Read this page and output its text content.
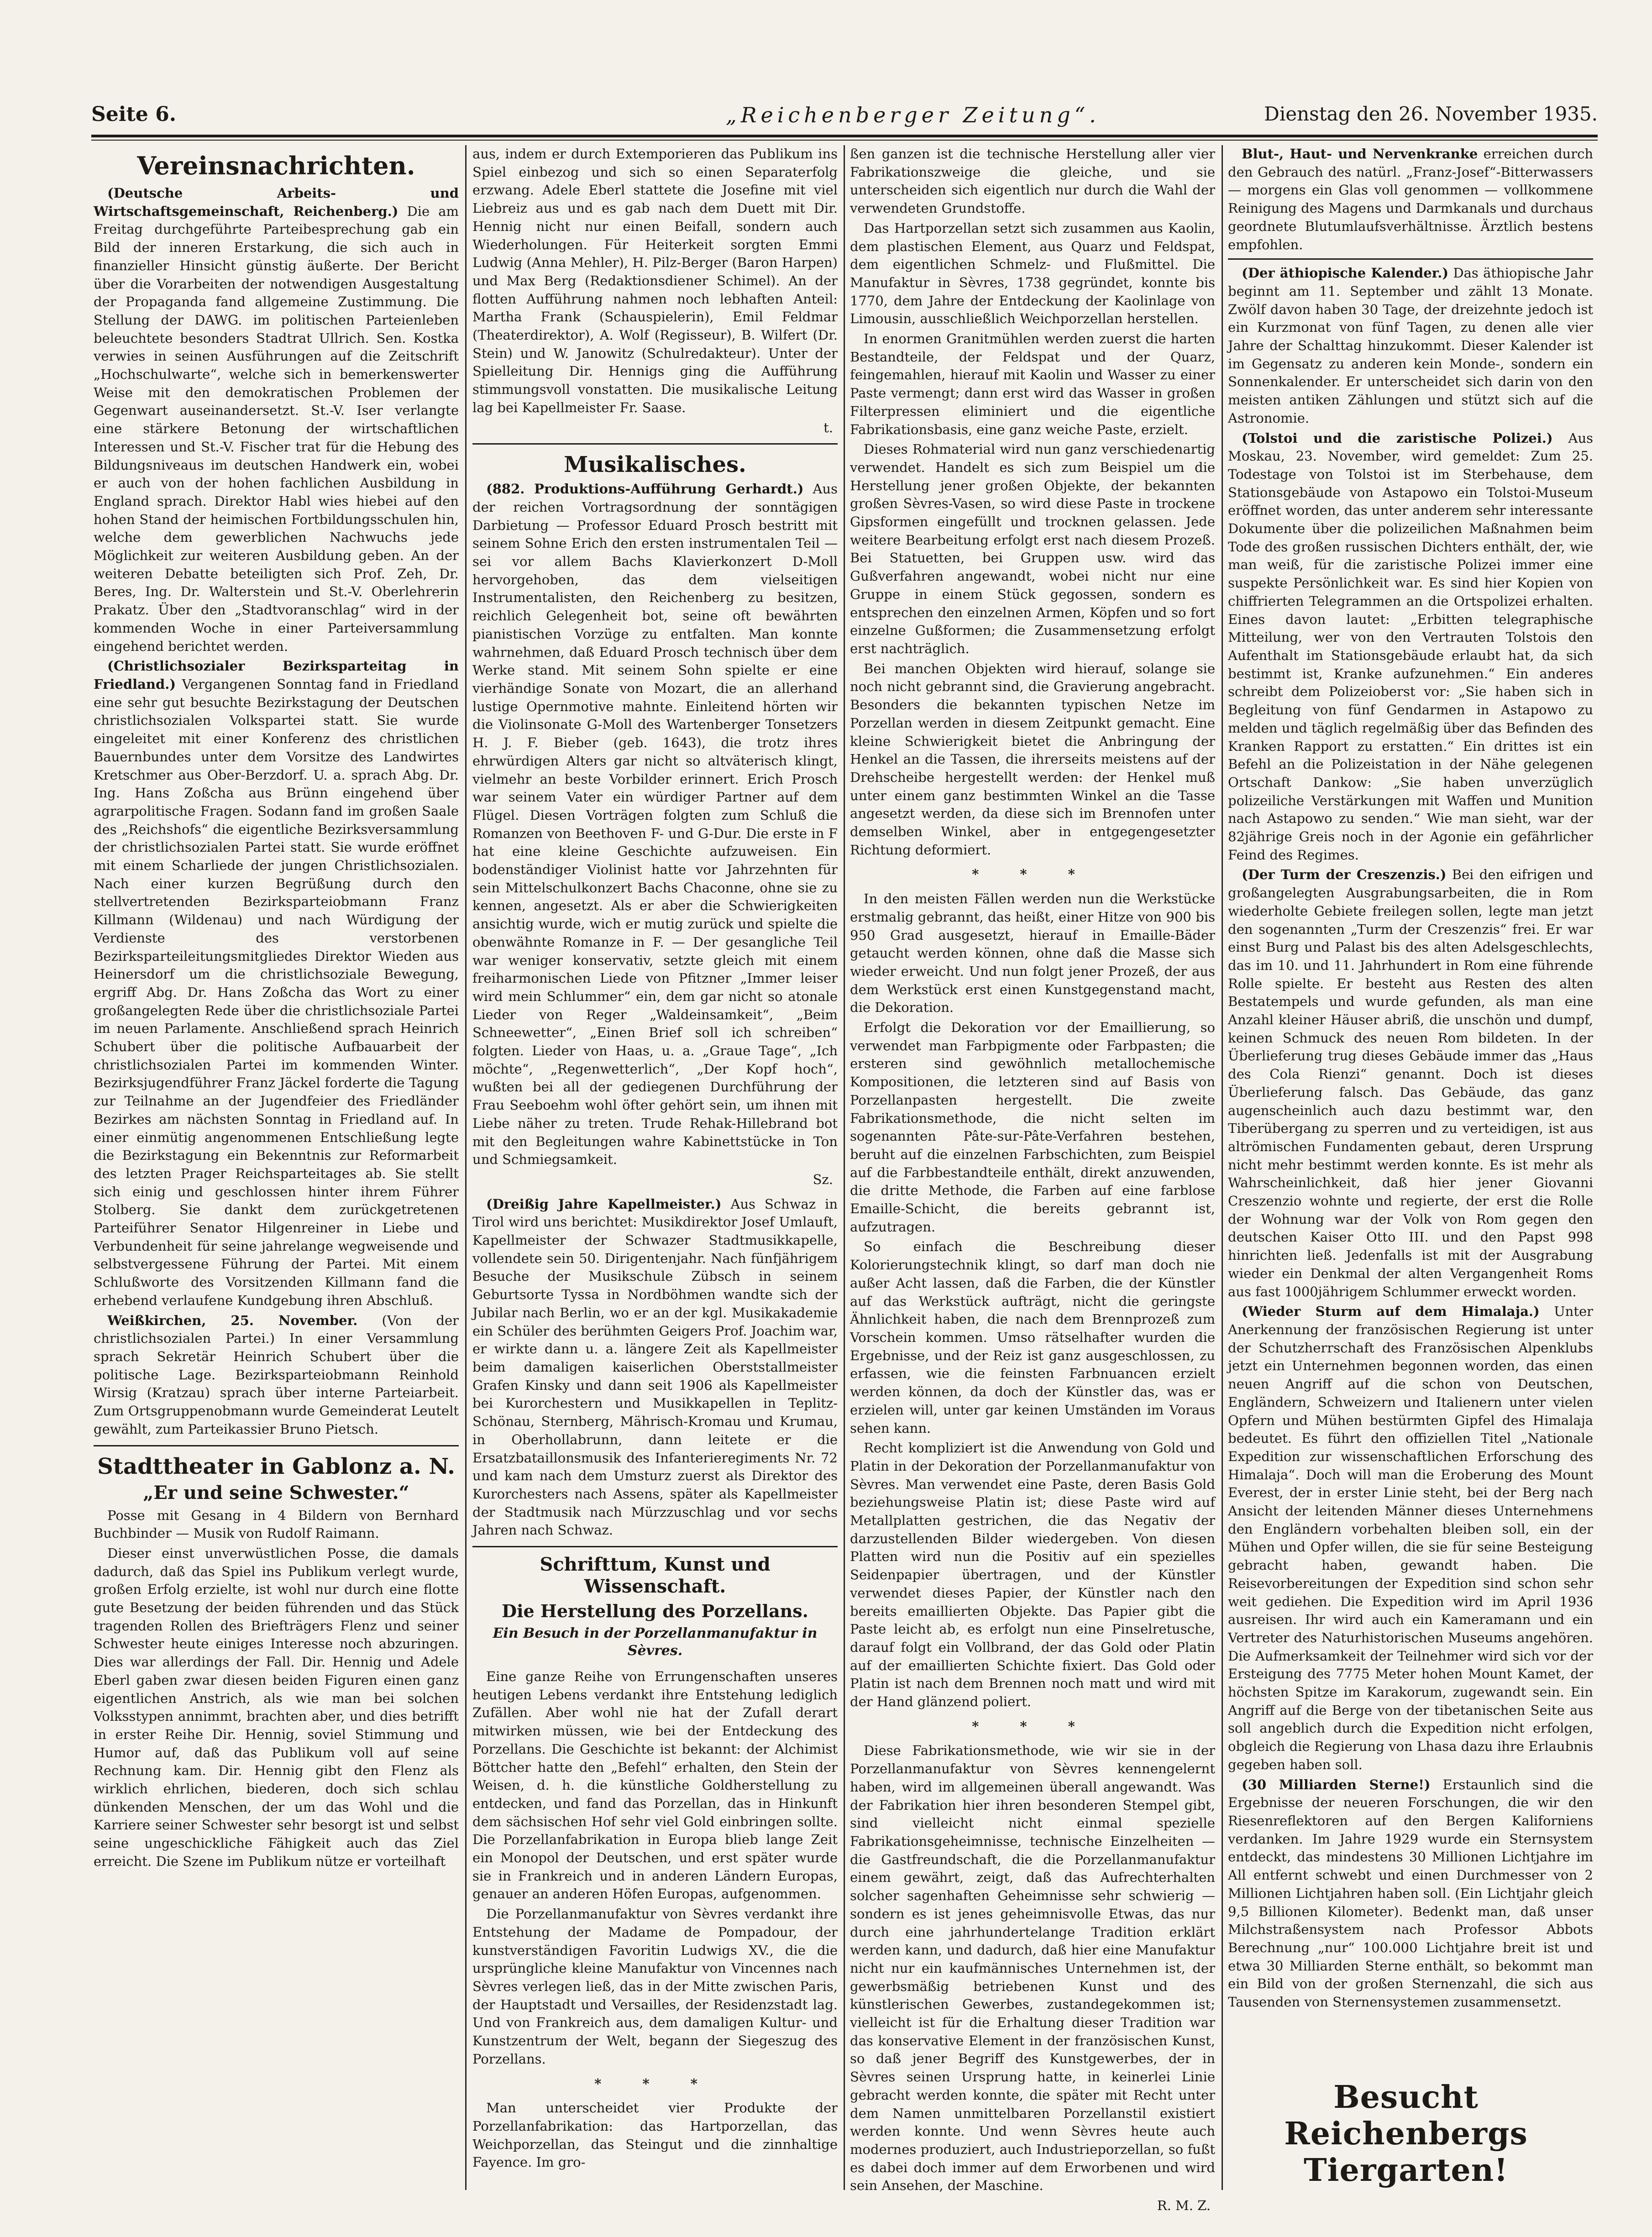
Seite 6.	„Reichenberger Zeitung“.	Dienstag den 26. November 1935.
Vereinsnachrichten.

(Deutsche Arbeits- und Wirtschaftsgemeinschaft, Reichenberg.) Die am Freitag durchgeführte Parteibesprechung gab ein Bild der inneren Erstarkung, die sich auch in finanzieller Hinsicht günstig äußerte. Der Bericht über die Vorarbeiten der notwendigen Ausgestaltung der Propaganda fand allgemeine Zustimmung. Die Stellung der DAWG. im politischen Parteienleben beleuchtete besonders Stadtrat Ullrich. Sen. Kostka verwies in seinen Ausführungen auf die Zeitschrift „Hochschulwarte“, welche sich in bemerkenswerter Weise mit den demokratischen Problemen der Gegenwart auseinandersetzt. St.-V. Iser verlangte eine stärkere Betonung der wirtschaftlichen Interessen und St.-V. Fischer trat für die Hebung des Bildungsniveaus im deutschen Handwerk ein, wobei er auch von der hohen fachlichen Ausbildung in England sprach. Direktor Habl wies hiebei auf den hohen Stand der heimischen Fortbildungsschulen hin, welche dem gewerblichen Nachwuchs jede Möglichkeit zur weiteren Ausbildung geben. An der weiteren Debatte beteiligten sich Prof. Zeh, Dr. Beres, Ing. Dr. Walterstein und St.-V. Oberlehrerin Prakatz. Über den „Stadtvoranschlag“ wird in der kommenden Woche in einer Parteiversammlung eingehend berichtet werden.

(Christlichsozialer Bezirksparteitag in Friedland.) Vergangenen Sonntag fand in Friedland eine sehr gut besuchte Bezirkstagung der Deutschen christlichsozialen Volkspartei statt. Sie wurde eingeleitet mit einer Konferenz des christlichen Bauernbundes unter dem Vorsitze des Landwirtes Kretschmer aus Ober-Berzdorf. U. a. sprach Abg. Dr. Ing. Hans Zoßcha aus Brünn eingehend über agrarpolitische Fragen. Sodann fand im großen Saale des „Reichshofs“ die eigentliche Bezirksversammlung der christlichsozialen Partei statt. Sie wurde eröffnet mit einem Scharliede der jungen Christlichsozialen. Nach einer kurzen Begrüßung durch den stellvertretenden Bezirksparteiobmann Franz Killmann (Wildenau) und nach Würdigung der Verdienste des verstorbenen Bezirksparteileitungsmitgliedes Direktor Wieden aus Heinersdorf um die christlichsoziale Bewegung, ergriff Abg. Dr. Hans Zoßcha das Wort zu einer großangelegten Rede über die christlichsoziale Partei im neuen Parlamente. Anschließend sprach Heinrich Schubert über die politische Aufbauarbeit der christlichsozialen Partei im kommenden Winter. Bezirksjugendführer Franz Jäckel forderte die Tagung zur Teilnahme an der Jugendfeier des Friedländer Bezirkes am nächsten Sonntag in Friedland auf. In einer einmütig angenommenen Entschließung legte die Bezirkstagung ein Bekenntnis zur Reformarbeit des letzten Prager Reichsparteitages ab. Sie stellt sich einig und geschlossen hinter ihrem Führer Stolberg. Sie dankt dem zurückgetretenen Parteiführer Senator Hilgenreiner in Liebe und Verbundenheit für seine jahrelange wegweisende und selbstvergessene Führung der Partei. Mit einem Schlußworte des Vorsitzenden Killmann fand die erhebend verlaufene Kundgebung ihren Abschluß.

Weißkirchen, 25. November. (Von der christlichsozialen Partei.) In einer Versammlung sprach Sekretär Heinrich Schubert über die politische Lage. Bezirksparteiobmann Reinhold Wirsig (Kratzau) sprach über interne Parteiarbeit. Zum Ortsgruppenobmann wurde Gemeinderat Leutelt gewählt, zum Parteikassier Bruno Pietsch.

Stadttheater in Gablonz a. N.
„Er und seine Schwester.“

Posse mit Gesang in 4 Bildern von Bernhard Buchbinder — Musik von Rudolf Raimann.

Dieser einst unverwüstlichen Posse, die damals dadurch, daß das Spiel ins Publikum verlegt wurde, großen Erfolg erzielte, ist wohl nur durch eine flotte gute Besetzung der beiden führenden und das Stück tragenden Rollen des Briefträgers Flenz und seiner Schwester heute einiges Interesse noch abzuringen. Dies war allerdings der Fall. Dir. Hennig und Adele Eberl gaben zwar diesen beiden Figuren einen ganz eigentlichen Anstrich, als wie man bei solchen Volksstypen annimmt, brachten aber, und dies betrifft in erster Reihe Dir. Hennig, soviel Stimmung und Humor auf, daß das Publikum voll auf seine Rechnung kam. Dir. Hennig gibt den Flenz als wirklich ehrlichen, biederen, doch sich schlau dünkenden Menschen, der um das Wohl und die Karriere seiner Schwester sehr besorgt ist und selbst seine ungeschickliche Fähigkeit auch das Ziel erreicht. Die Szene im Publikum nütze er vorteilhaft

aus, indem er durch Extemporieren das Publikum ins Spiel einbezog und sich so einen Separaterfolg erzwang. Adele Eberl stattete die Josefine mit viel Liebreiz aus und es gab nach dem Duett mit Dir. Hennig nicht nur einen Beifall, sondern auch Wiederholungen. Für Heiterkeit sorgten Emmi Ludwig (Anna Mehler), H. Pilz-Berger (Baron Harpen) und Max Berg (Redaktionsdiener Schimel). An der flotten Aufführung nahmen noch lebhaften Anteil: Martha Frank (Schauspielerin), Emil Feldmar (Theaterdirektor), A. Wolf (Regisseur), B. Wilfert (Dr. Stein) und W. Janowitz (Schulredakteur). Unter der Spielleitung Dir. Hennigs ging die Aufführung stimmungsvoll vonstatten. Die musikalische Leitung lag bei Kapellmeister Fr. Saase.

t.

Musikalisches.

(882. Produktions-Aufführung Gerhardt.) Aus der reichen Vortragsordnung der sonntägigen Darbietung — Professor Eduard Prosch bestritt mit seinem Sohne Erich den ersten instrumentalen Teil — sei vor allem Bachs Klavierkonzert D-Moll hervorgehoben, das dem vielseitigen Instrumentalisten, den Reichenberg zu besitzen, reichlich Gelegenheit bot, seine oft bewährten pianistischen Vorzüge zu entfalten. Man konnte wahrnehmen, daß Eduard Prosch technisch über dem Werke stand. Mit seinem Sohn spielte er eine vierhändige Sonate von Mozart, die an allerhand lustige Opernmotive mahnte. Einleitend hörten wir die Violinsonate G-Moll des Wartenberger Tonsetzers H. J. F. Bieber (geb. 1643), die trotz ihres ehrwürdigen Alters gar nicht so altväterisch klingt, vielmehr an beste Vorbilder erinnert. Erich Prosch war seinem Vater ein würdiger Partner auf dem Flügel. Diesen Vorträgen folgten zum Schluß die Romanzen von Beethoven F- und G-Dur. Die erste in F hat eine kleine Geschichte aufzuweisen. Ein bodenständiger Violinist hatte vor Jahrzehnten für sein Mittelschulkonzert Bachs Chaconne, ohne sie zu kennen, angesetzt. Als er aber die Schwierigkeiten ansichtig wurde, wich er mutig zurück und spielte die obenwähnte Romanze in F. — Der gesangliche Teil war weniger konservativ, setzte gleich mit einem freiharmonischen Liede von Pfitzner „Immer leiser wird mein Schlummer“ ein, dem gar nicht so atonale Lieder von Reger „Waldeinsamkeit“, „Beim Schneewetter“, „Einen Brief soll ich schreiben“ folgten. Lieder von Haas, u. a. „Graue Tage“, „Ich möchte“, „Regenwetterlich“, „Der Kopf hoch“, wußten bei all der gediegenen Durchführung der Frau Seeboehm wohl öfter gehört sein, um ihnen mit Liebe näher zu treten. Trude Rehak-Hillebrand bot mit den Begleitungen wahre Kabinettstücke in Ton und Schmiegsamkeit.

Sz.

(Dreißig Jahre Kapellmeister.) Aus Schwaz in Tirol wird uns berichtet: Musikdirektor Josef Umlauft, Kapellmeister der Schwazer Stadtmusikkapelle, vollendete sein 50. Dirigentenjahr. Nach fünfjährigem Besuche der Musikschule Zübsch in seinem Geburtsorte Tyssa in Nordböhmen wandte sich der Jubilar nach Berlin, wo er an der kgl. Musikakademie ein Schüler des berühmten Geigers Prof. Joachim war, er wirkte dann u. a. längere Zeit als Kapellmeister beim damaligen kaiserlichen Oberststallmeister Grafen Kinsky und dann seit 1906 als Kapellmeister bei Kurorchestern und Musikkapellen in Teplitz-Schönau, Sternberg, Mährisch-Kromau und Krumau, in Oberhollabrunn, dann leitete er die Ersatzbataillonsmusik des Infanterieregiments Nr. 72 und kam nach dem Umsturz zuerst als Direktor des Kurorchesters nach Assens, später als Kapellmeister der Stadtmusik nach Mürzzuschlag und vor sechs Jahren nach Schwaz.

Schrifttum, Kunst und Wissenschaft.
Die Herstellung des Porzellans.
Ein Besuch in der Porzellanmanufaktur in Sèvres.

Eine ganze Reihe von Errungenschaften unseres heutigen Lebens verdankt ihre Entstehung lediglich Zufällen. Aber wohl nie hat der Zufall derart mitwirken müssen, wie bei der Entdeckung des Porzellans. Die Geschichte ist bekannt: der Alchimist Böttcher hatte den „Befehl“ erhalten, den Stein der Weisen, d. h. die künstliche Goldherstellung zu entdecken, und fand das Porzellan, das in Hinkunft dem sächsischen Hof sehr viel Gold einbringen sollte. Die Porzellanfabrikation in Europa blieb lange Zeit ein Monopol der Deutschen, und erst später wurde sie in Frankreich und in anderen Ländern Europas, genauer an anderen Höfen Europas, aufgenommen.

Die Porzellanmanufaktur von Sèvres verdankt ihre Entstehung der Madame de Pompadour, der kunstverständigen Favoritin Ludwigs XV., die die ursprüngliche kleine Manufaktur von Vincennes nach Sèvres verlegen ließ, das in der Mitte zwischen Paris, der Hauptstadt und Versailles, der Residenzstadt lag. Und von Frankreich aus, dem damaligen Kultur- und Kunstzentrum der Welt, begann der Siegeszug des Porzellans.

* * *

Man unterscheidet vier Produkte der Porzellanfabrikation: das Hartporzellan, das Weichporzellan, das Steingut und die zinnhaltige Fayence. Im gro-

ßen ganzen ist die technische Herstellung aller vier Fabrikationszweige die gleiche, und sie unterscheiden sich eigentlich nur durch die Wahl der verwendeten Grundstoffe.

Das Hartporzellan setzt sich zusammen aus Kaolin, dem plastischen Element, aus Quarz und Feldspat, dem eigentlichen Schmelz- und Flußmittel. Die Manufaktur in Sèvres, 1738 gegründet, konnte bis 1770, dem Jahre der Entdeckung der Kaolinlage von Limousin, ausschließlich Weichporzellan herstellen.

In enormen Granitmühlen werden zuerst die harten Bestandteile, der Feldspat und der Quarz, feingemahlen, hierauf mit Kaolin und Wasser zu einer Paste vermengt; dann erst wird das Wasser in großen Filterpressen eliminiert und die eigentliche Fabrikationsbasis, eine ganz weiche Paste, erzielt.

Dieses Rohmaterial wird nun ganz verschiedenartig verwendet. Handelt es sich zum Beispiel um die Herstellung jener großen Objekte, der bekannten großen Sèvres-Vasen, so wird diese Paste in trockene Gipsformen eingefüllt und trocknen gelassen. Jede weitere Bearbeitung erfolgt erst nach diesem Prozeß. Bei Statuetten, bei Gruppen usw. wird das Gußverfahren angewandt, wobei nicht nur eine Gruppe in einem Stück gegossen, sondern es entsprechen den einzelnen Armen, Köpfen und so fort einzelne Gußformen; die Zusammensetzung erfolgt erst nachträglich.

Bei manchen Objekten wird hierauf, solange sie noch nicht gebrannt sind, die Gravierung angebracht. Besonders die bekannten typischen Netze im Porzellan werden in diesem Zeitpunkt gemacht. Eine kleine Schwierigkeit bietet die Anbringung der Henkel an die Tassen, die ihrerseits meistens auf der Drehscheibe hergestellt werden: der Henkel muß unter einem ganz bestimmten Winkel an die Tasse angesetzt werden, da diese sich im Brennofen unter demselben Winkel, aber in entgegengesetzter Richtung deformiert.

* * *

In den meisten Fällen werden nun die Werkstücke erstmalig gebrannt, das heißt, einer Hitze von 900 bis 950 Grad ausgesetzt, hierauf in Emaille-Bäder getaucht werden können, ohne daß die Masse sich wieder erweicht. Und nun folgt jener Prozeß, der aus dem Werkstück erst einen Kunstgegenstand macht, die Dekoration.

Erfolgt die Dekoration vor der Emaillierung, so verwendet man Farbpigmente oder Farbpasten; die ersteren sind gewöhnlich metallochemische Kompositionen, die letzteren sind auf Basis von Porzellanpasten hergestellt. Die zweite Fabrikationsmethode, die nicht selten im sogenannten Pâte-sur-Pâte-Verfahren bestehen, beruht auf die einzelnen Farbschichten, zum Beispiel auf die Farbbestandteile enthält, direkt anzuwenden, die dritte Methode, die Farben auf eine farblose Emaille-Schicht, die bereits gebrannt ist, aufzutragen.

So einfach die Beschreibung dieser Kolorierungstechnik klingt, so darf man doch nie außer Acht lassen, daß die Farben, die der Künstler auf das Werkstück aufträgt, nicht die geringste Ähnlichkeit haben, die nach dem Brennprozeß zum Vorschein kommen. Umso rätselhafter wurden die Ergebnisse, und der Reiz ist ganz ausgeschlossen, zu erfassen, wie die feinsten Farbnuancen erzielt werden können, da doch der Künstler das, was er erzielen will, unter gar keinen Umständen im Voraus sehen kann.

Recht kompliziert ist die Anwendung von Gold und Platin in der Dekoration der Porzellanmanufaktur von Sèvres. Man verwendet eine Paste, deren Basis Gold beziehungsweise Platin ist; diese Paste wird auf Metallplatten gestrichen, die das Negativ der darzustellenden Bilder wiedergeben. Von diesen Platten wird nun die Positiv auf ein spezielles Seidenpapier übertragen, und der Künstler verwendet dieses Papier, der Künstler nach den bereits emaillierten Objekte. Das Papier gibt die Paste leicht ab, es erfolgt nun eine Pinselretusche, darauf folgt ein Vollbrand, der das Gold oder Platin auf der emaillierten Schichte fixiert. Das Gold oder Platin ist nach dem Brennen noch matt und wird mit der Hand glänzend poliert.

* * *

Diese Fabrikationsmethode, wie wir sie in der Porzellanmanufaktur von Sèvres kennengelernt haben, wird im allgemeinen überall angewandt. Was der Fabrikation hier ihren besonderen Stempel gibt, sind vielleicht nicht einmal spezielle Fabrikationsgeheimnisse, technische Einzelheiten — die Gastfreundschaft, die die Porzellanmanufaktur einem gewährt, zeigt, daß das Aufrechterhalten solcher sagenhaften Geheimnisse sehr schwierig — sondern es ist jenes geheimnisvolle Etwas, das nur durch eine jahrhundertelange Tradition erklärt werden kann, und dadurch, daß hier eine Manufaktur nicht nur ein kaufmännisches Unternehmen ist, der gewerbsmäßig betriebenen Kunst und des künstlerischen Gewerbes, zustandegekommen ist; vielleicht ist für die Erhaltung dieser Tradition war das konservative Element in der französischen Kunst, so daß jener Begriff des Kunstgewerbes, der in Sèvres seinen Ursprung hatte, in keinerlei Linie gebracht werden konnte, die später mit Recht unter dem Namen unmittelbaren Porzellanstil existiert werden konnte. Und wenn Sèvres heute auch modernes produziert, auch Industrieporzellan, so fußt es dabei doch immer auf dem Erworbenen und wird sein Ansehen, der Maschine.

R. M. Z.

Blut-, Haut- und Nervenkranke erreichen durch den Gebrauch des natürl. „Franz-Josef“-Bitterwassers — morgens ein Glas voll genommen — vollkommene Reinigung des Magens und Darmkanals und durchaus geordnete Blutumlaufsverhältnisse. Ärztlich bestens empfohlen.

(Der äthiopische Kalender.) Das äthiopische Jahr beginnt am 11. September und zählt 13 Monate. Zwölf davon haben 30 Tage, der dreizehnte jedoch ist ein Kurzmonat von fünf Tagen, zu denen alle vier Jahre der Schalttag hinzukommt. Dieser Kalender ist im Gegensatz zu anderen kein Monde-, sondern ein Sonnenkalender. Er unterscheidet sich darin von den meisten antiken Zählungen und stützt sich auf die Astronomie.

(Tolstoi und die zaristische Polizei.) Aus Moskau, 23. November, wird gemeldet: Zum 25. Todestage von Tolstoi ist im Sterbehause, dem Stationsgebäude von Astapowo ein Tolstoi-Museum eröffnet worden, das unter anderem sehr interessante Dokumente über die polizeilichen Maßnahmen beim Tode des großen russischen Dichters enthält, der, wie man weiß, für die zaristische Polizei immer eine suspekte Persönlichkeit war. Es sind hier Kopien von chiffrierten Telegrammen an die Ortspolizei erhalten. Eines davon lautet: „Erbitten telegraphische Mitteilung, wer von den Vertrauten Tolstois den Aufenthalt im Stationsgebäude erlaubt hat, da sich bestimmt ist, Kranke aufzunehmen.“ Ein anderes schreibt dem Polizeioberst vor: „Sie haben sich in Begleitung von fünf Gendarmen in Astapowo zu melden und täglich regelmäßig über das Befinden des Kranken Rapport zu erstatten.“ Ein drittes ist ein Befehl an die Polizeistation in der Nähe gelegenen Ortschaft Dankow: „Sie haben unverzüglich polizeiliche Verstärkungen mit Waffen und Munition nach Astapowo zu senden.“ Wie man sieht, war der 82jährige Greis noch in der Agonie ein gefährlicher Feind des Regimes.

(Der Turm der Creszenzis.) Bei den eifrigen und großangelegten Ausgrabungsarbeiten, die in Rom wiederholte Gebiete freilegen sollen, legte man jetzt den sogenannten „Turm der Creszenzis“ frei. Er war einst Burg und Palast bis des alten Adelsgeschlechts, das im 10. und 11. Jahrhundert in Rom eine führende Rolle spielte. Er besteht aus Resten des alten Bestatempels und wurde gefunden, als man eine Anzahl kleiner Häuser abriß, die unschön und dumpf, keinen Schmuck des neuen Rom bildeten. In der Überlieferung trug dieses Gebäude immer das „Haus des Cola Rienzi“ genannt. Doch ist dieses Überlieferung falsch. Das Gebäude, das ganz augenscheinlich auch dazu bestimmt war, den Tiberübergang zu sperren und zu verteidigen, ist aus altrömischen Fundamenten gebaut, deren Ursprung nicht mehr bestimmt werden konnte. Es ist mehr als Wahrscheinlichkeit, daß hier jener Giovanni Creszenzio wohnte und regierte, der erst die Rolle der Wohnung war der Volk von Rom gegen den deutschen Kaiser Otto III. und den Papst 998 hinrichten ließ. Jedenfalls ist mit der Ausgrabung wieder ein Denkmal der alten Vergangenheit Roms aus fast 1000jährigem Schlummer erweckt worden.

(Wieder Sturm auf dem Himalaja.) Unter Anerkennung der französischen Regierung ist unter der Schutzherrschaft des Französischen Alpenklubs jetzt ein Unternehmen begonnen worden, das einen neuen Angriff auf die schon von Deutschen, Engländern, Schweizern und Italienern unter vielen Opfern und Mühen bestürmten Gipfel des Himalaja bedeutet. Es führt den offiziellen Titel „Nationale Expedition zur wissenschaftlichen Erforschung des Himalaja“. Doch will man die Eroberung des Mount Everest, der in erster Linie steht, bei der Berg nach Ansicht der leitenden Männer dieses Unternehmens den Engländern vorbehalten bleiben soll, ein der Mühen und Opfer willen, die sie für seine Besteigung gebracht haben, gewandt haben. Die Reisevorbereitungen der Expedition sind schon sehr weit gediehen. Die Expedition wird im April 1936 ausreisen. Ihr wird auch ein Kameramann und ein Vertreter des Naturhistorischen Museums angehören. Die Aufmerksamkeit der Teilnehmer wird sich vor der Ersteigung des 7775 Meter hohen Mount Kamet, der höchsten Spitze im Karakorum, zugewandt sein. Ein Angriff auf die Berge von der tibetanischen Seite aus soll angeblich durch die Expedition nicht erfolgen, obgleich die Regierung von Lhasa dazu ihre Erlaubnis gegeben haben soll.

(30 Milliarden Sterne!) Erstaunlich sind die Ergebnisse der neueren Forschungen, die wir den Riesenreflektoren auf den Bergen Kaliforniens verdanken. Im Jahre 1929 wurde ein Sternsystem entdeckt, das mindestens 30 Millionen Lichtjahre im All entfernt schwebt und einen Durchmesser von 2 Millionen Lichtjahren haben soll. (Ein Lichtjahr gleich 9,5 Billionen Kilometer). Bedenkt man, daß unser Milchstraßensystem nach Professor Abbots Berechnung „nur“ 100.000 Lichtjahre breit ist und etwa 30 Milliarden Sterne enthält, so bekommt man ein Bild von der großen Sternenzahl, die sich aus Tausenden von Sternensystemen zusammensetzt.

Besucht Reichenbergs Tiergarten!
